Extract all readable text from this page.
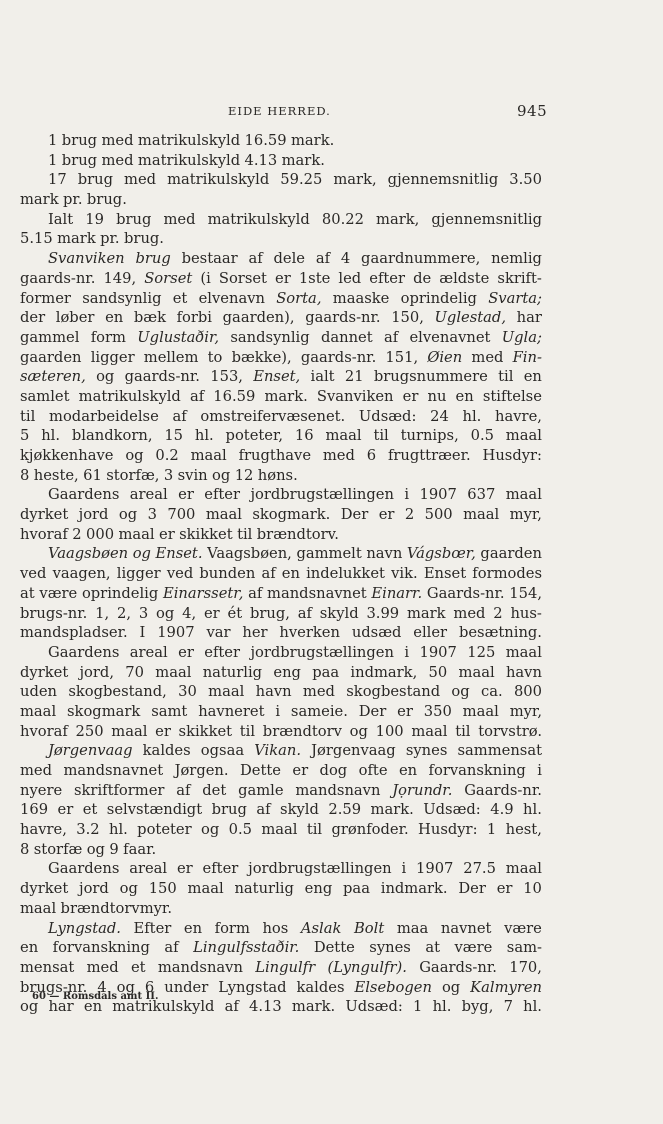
EIDE HERRED.	945
1 brug med matrikulskyld 16.59 mark.
1 brug med matrikulskyld 4.13 mark.
17 brug med matrikulskyld 59.25 mark, gjennemsnitlig 3.50
mark pr. brug.
Ialt 19 brug med matrikulskyld 80.22 mark, gjennemsnitlig
5.15 mark pr. brug.
Svanviken brug bestaar af dele af 4 gaardnummere, nemlig
gaards-nr. 149, Sorset (i Sorset er 1ste led efter de ældste skrift-
former sandsynlig et elvenavn Sorta, maaske oprindelig Svarta;
der løber en bæk forbi gaarden), gaards-nr. 150, Uglestad, har
gammel form Uglustaðir, sandsynlig dannet af elvenavnet Ugla;
gaarden ligger mellem to bække), gaards-nr. 151, Øien med Fin-
sæteren, og gaards-nr. 153, Enset, ialt 21 brugsnummere til en
samlet matrikulskyld af 16.59 mark. Svanviken er nu en stiftelse
til modarbeidelse af omstreifervæsenet. Udsæd: 24 hl. havre,
5 hl. blandkorn, 15 hl. poteter, 16 maal til turnips, 0.5 maal
kjøkkenhave og 0.2 maal frugthave med 6 frugttræer. Husdyr:
8 heste, 61 storfæ, 3 svin og 12 høns.
Gaardens areal er efter jordbrugstællingen i 1907 637 maal
dyrket jord og 3 700 maal skogmark. Der er 2 500 maal myr,
hvoraf 2 000 maal er skikket til brændtorv.
Vaagsbøen og Enset. Vaagsbøen, gammelt navn Vágsbœr, gaarden
ved vaagen, ligger ved bunden af en indelukket vik. Enset formodes
at være oprindelig Einarssetr, af mandsnavnet Einarr. Gaards-nr. 154,
brugs-nr. 1, 2, 3 og 4, er ét brug, af skyld 3.99 mark med 2 hus-
mandspladser. I 1907 var her hverken udsæd eller besætning.
Gaardens areal er efter jordbrugstællingen i 1907 125 maal
dyrket jord, 70 maal naturlig eng paa indmark, 50 maal havn
uden skogbestand, 30 maal havn med skogbestand og ca. 800
maal skogmark samt havneret i sameie. Der er 350 maal myr,
hvoraf 250 maal er skikket til brændtorv og 100 maal til torvstrø.
Jørgenvaag kaldes ogsaa Vikan. Jørgenvaag synes sammensat
med mandsnavnet Jørgen. Dette er dog ofte en forvanskning i
nyere skriftformer af det gamle mandsnavn Jọrundr. Gaards-nr.
169 er et selvstændigt brug af skyld 2.59 mark. Udsæd: 4.9 hl.
havre, 3.2 hl. poteter og 0.5 maal til grønfoder. Husdyr: 1 hest,
8 storfæ og 9 faar.
Gaardens areal er efter jordbrugstællingen i 1907 27.5 maal
dyrket jord og 150 maal naturlig eng paa indmark. Der er 10
maal brændtorvmyr.
Lyngstad. Efter en form hos Aslak Bolt maa navnet være
en forvanskning af Lingulfsstaðir. Dette synes at være sam-
mensat med et mandsnavn Lingulfr (Lyngulfr). Gaards-nr. 170,
brugs-nr. 4 og 6 under Lyngstad kaldes Elsebogen og Kalmyren
og har en matrikulskyld af 4.13 mark. Udsæd: 1 hl. byg, 7 hl.
60 — Romsdals amt II.
